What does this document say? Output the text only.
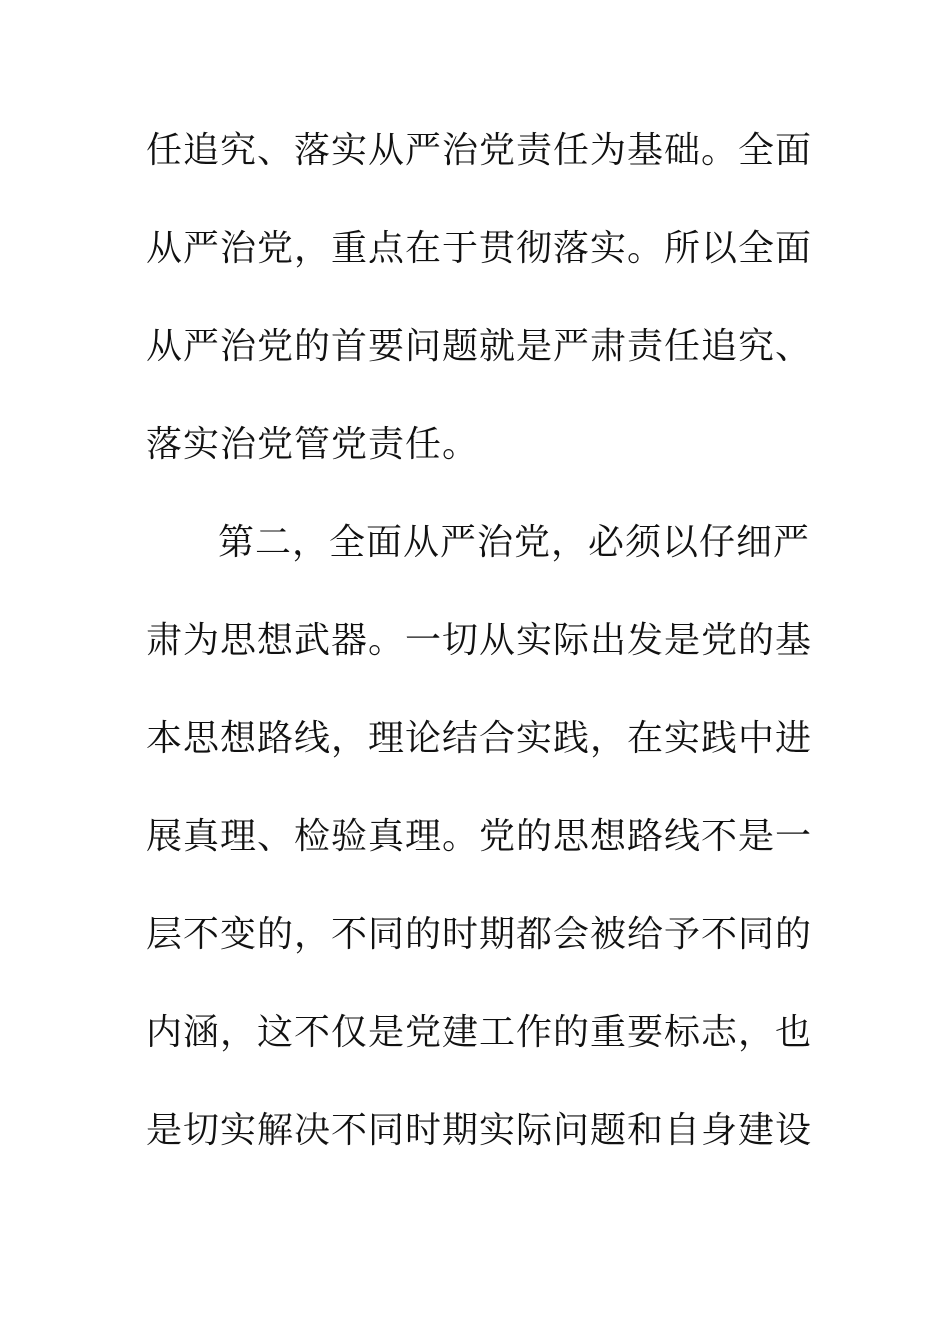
任追究、落实从严治党责任为基础。全面
从严治党，重点在于贯彻落实。所以全面
从严治党的首要问题就是严肃责任追究、
落实治党管党责任。
第二，全面从严治党，必须以仔细严
肃为思想武器。一切从实际出发是党的基
本思想路线，理论结合实践，在实践中进
展真理、检验真理。党的思想路线不是一
层不变的，不同的时期都会被给予不同的
内涵，这不仅是党建工作的重要标志，也
是切实解决不同时期实际问题和自身建设
